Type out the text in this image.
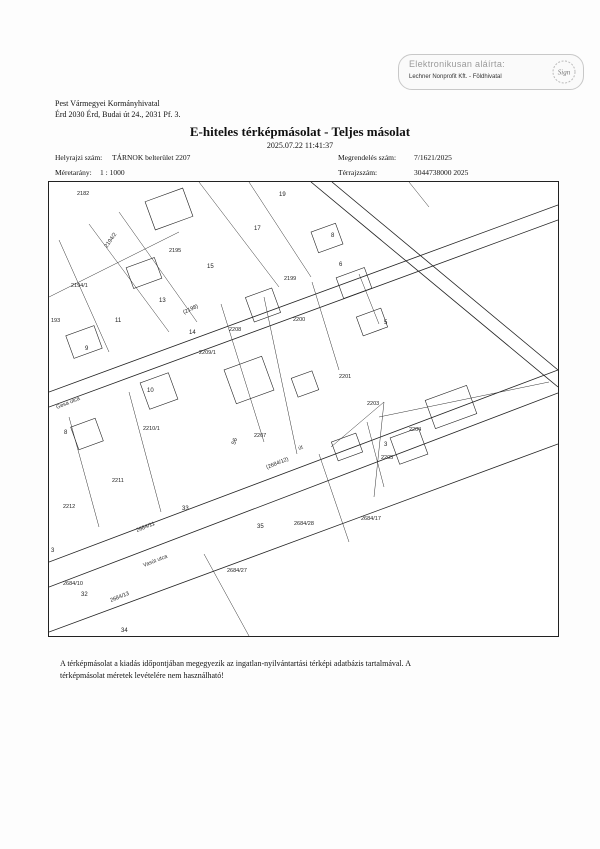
Elektronikusan aláírta:
Lechner Nonprofit Kft. - Földhivatal
Sign
Pest Vármegyei Kormányhivatal
Érd 2030 Érd, Budai út 24., 2031 Pf. 3.
E-hiteles térképmásolat - Teljes másolat
2025.07.22 11:41:37
Helyrajzi szám: TÁRNOK belterület 2207	Megrendelés szám: 7/1621/2025
Méretarány: 1 : 1000	Térrajzszám:	3044738000 2025
2182
2194/2
2195
19
17
15
13
11
9
2194/1
193
(2198)
14
2199
2208
2200
2209/1
8
6
5
10
8
2210/1
56
2207
2201
2203
2204
2205
3
2211
2212
2684/11
33
(2684/12)
35	2684/28
2684/17
2684/27
3
2684/10
32	2684/13
34
Gesa utca
Vasút utca
út
A térképmásolat a kiadás időpontjában megegyezik az ingatlan-nyilvántartási térképi adatbázis tartalmával. A
térképmásolat méretek levételére nem használható!
